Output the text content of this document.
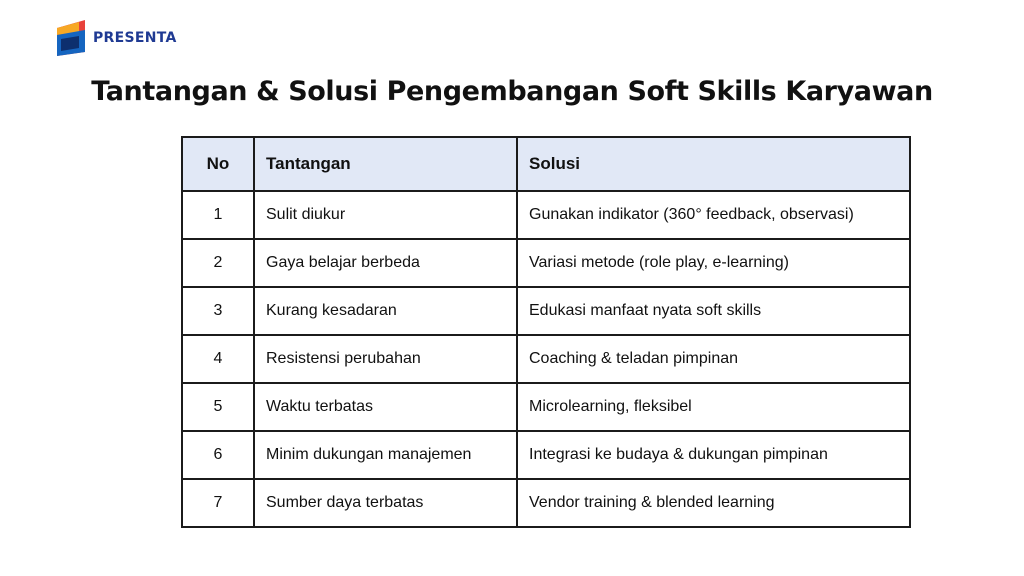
PRESENTA
Tantangan & Solusi Pengembangan Soft Skills Karyawan
No	Tantangan	Solusi
1	Sulit diukur	Gunakan indikator (360° feedback, observasi)
2	Gaya belajar berbeda	Variasi metode (role play, e-learning)
3	Kurang kesadaran	Edukasi manfaat nyata soft skills
4	Resistensi perubahan	Coaching & teladan pimpinan
5	Waktu terbatas	Microlearning, fleksibel
6	Minim dukungan manajemen	Integrasi ke budaya & dukungan pimpinan
7	Sumber daya terbatas	Vendor training & blended learning
